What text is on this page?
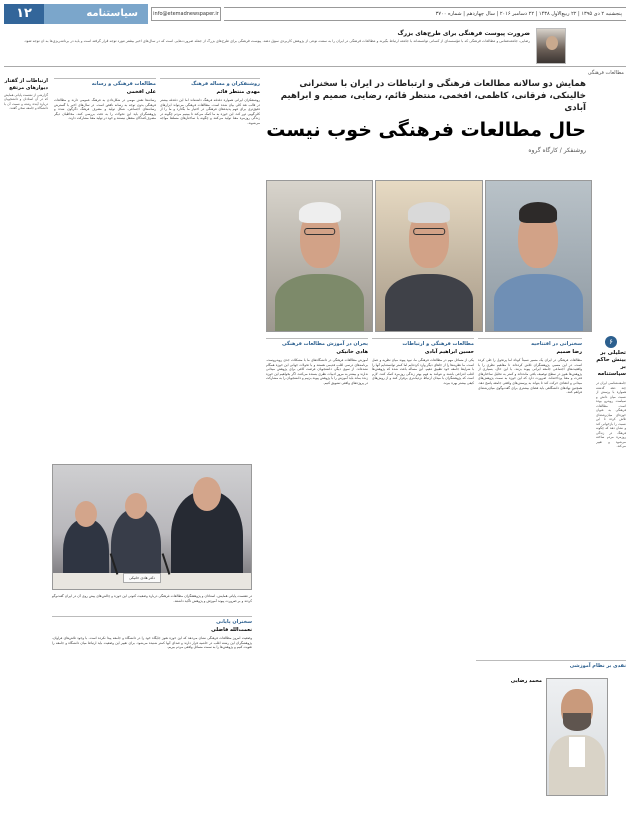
پنجشنبه ۲ دی ۱۳۹۵ | ۲۲ ربیع‌الاول ۱۴۳۸ | ۲۲ دسامبر ۲۰۱۶ | سال چهاردهم | شماره ۳۷۰۰
info@etemadnewspaper.ir
سیاستنامه
۱۲
ضرورت پیوست فرهنگی برای طرح‌های بزرگ
رضایی، جامعه‌شناس و مطالعات فرهنگی که با مؤسسه‌ای از کسانی توانسته‌اند با جامعه ارتباط بگیرند و مطالعات فرهنگی در ایران را به سمت نوعی از پژوهش کاربردی سوق دهند. پیوست فرهنگی برای طرح‌های بزرگ از جمله ضرورت‌هایی است که در سال‌های اخیر بیشتر مورد توجه قرار گرفته است و باید در برنامه‌ریزی‌ها به آن توجه شود.
مطالعات فرهنگی
ارتباطات از گفتار دیوارهای مرتفع
گزارشی از نشست پایانی همایش که در آن استادان و دانشجویان درباره آینده رشته و نسبت آن با دانشگاه و جامعه سخن گفتند.
همایش دو سالانه مطالعات فرهنگی و ارتباطات در ایران با سخنرانی خالینکی، فرقانی، کاظمی، افخمی، منتظر قائم، رضایی، صمیم و ابراهیم آبادی
حال مطالعات فرهنگی خوب نیست
روشنفکر / کارگاه گروه
۶
تحلیلی بر بینش حاکم بر سیاستنامه
جامعه‌شناسی ایران در چند دهه گذشته همواره با پرسش از نسبت میان دانش و سیاست روبه‌رو بوده است. مطالعات فرهنگی به عنوان حوزه‌ای میان‌رشته‌ای تلاش کرده تا این نسبت را بازخوانی کند و نشان دهد که چگونه فرهنگ در زندگی روزمره مردم ساخته می‌شود و تغییر می‌کند.
سخنرانی در افتتاحیه
رضا صمیم
مطالعات فرهنگی در ایران یک مسیر نسبتاً کوتاه اما پرتحول را طی کرده است. در این مسیر، پژوهشگران تلاش کرده‌اند تا مفاهیم نظری را با واقعیت‌های اجتماعی جامعه ایرانی پیوند بزنند. با این حال، بسیاری از پژوهش‌ها هنوز در سطح توصیف باقی مانده‌اند و کمتر به تحلیل ساختارهای قدرت و معنا پرداخته‌اند. ضرورت دارد که این حوزه به سمت پژوهش‌های میدانی و انتقادی حرکت کند تا بتواند به پرسش‌های واقعی جامعه پاسخ دهد. همچنین نهادهای دانشگاهی باید فضای بیشتری برای گفت‌وگوی میان‌رشته‌ای فراهم کنند.
مطالعات فرهنگی و ارتباطات
حسین ابراهیم آبادی
یکی از مسائل مهم در مطالعات فرهنگی ما، نبود پیوند میان نظریه و عمل است. ما نظریه‌ها را از جاهای دیگر وارد کرده‌ایم اما کمتر توانسته‌ایم آنها را با شرایط جامعه خود تطبیق دهیم. این مساله باعث شده که پژوهش‌ها اغلب انتزاعی باشند و نتوانند به فهم بهتر زندگی روزمره کمک کنند. لازم است که پژوهشگران با میدان ارتباط نزدیک‌تری برقرار کنند و از روش‌های کیفی بیشتر بهره ببرند.
بحران در آموزش مطالعات فرهنگی
هادی خانیکی
آموزش مطالعات فرهنگی در دانشگاه‌های ما با مشکلات جدی روبه‌روست. برنامه‌های درسی اغلب قدیمی هستند و با تحولات جهانی این حوزه همگام نشده‌اند. از سوی دیگر، دانشجویان فرصت کافی برای پژوهش میدانی ندارند و بیشتر به مرور ادبیات نظری بسنده می‌کنند. اگر بخواهیم این حوزه زنده بماند باید آموزش را با پژوهش پیوند بزنیم و دانشجویان را به مشارکت در پروژه‌های واقعی تشویق کنیم.
روشنفکران و مساله فرهنگ
مهدی منتظر قائم
روشنفکران ایرانی همواره دغدغه فرهنگ داشته‌اند اما این دغدغه بیشتر در قالب نقد کلی بیان شده است. مطالعات فرهنگی می‌تواند ابزارهای دقیق‌تری برای فهم پدیده‌های فرهنگی در اختیار ما بگذارد و ما را از کلی‌گویی دور کند. این حوزه به ما کمک می‌کند تا ببینیم مردم چگونه در زندگی روزمره معنا تولید می‌کنند و چگونه با ساختارهای مسلط مواجه می‌شوند.
مطالعات فرهنگی و رسانه
علی افخمی
رسانه‌ها نقش مهمی در شکل‌دادن به فرهنگ عمومی دارند و مطالعات فرهنگی بدون توجه به رسانه ناقص است. در سال‌های اخیر با گسترش رسانه‌های اجتماعی، شکل تولید و مصرف فرهنگ دگرگون شده و پژوهشگران باید این تحولات را به دقت بررسی کنند. مخاطبان دیگر مصرف‌کنندگان منفعل نیستند و خود در تولید معنا مشارکت دارند.
سخنران پایانی
نعمت‌الله فاضلی
وضعیت امروز مطالعات فرهنگی نشان می‌دهد که این حوزه هنوز جایگاه خود را در دانشگاه و جامعه پیدا نکرده است. با وجود تلاش‌های فراوان، پژوهشگران این رشته اغلب در حاشیه قرار دارند و صدای آنها کمتر شنیده می‌شود. برای تغییر این وضعیت باید ارتباط میان دانشگاه و جامعه را تقویت کنیم و پژوهش‌ها را به سمت مسائل واقعی مردم ببریم.
دکتر هادی خانیکی
در نشست پایانی همایش، استادان و پژوهشگران مطالعات فرهنگی درباره وضعیت کنونی این حوزه و چالش‌های پیش روی آن در ایران گفت‌وگو کردند و بر ضرورت پیوند آموزش و پژوهش تأکید داشتند.
نقدی بر نظام آموزشی
محمد رضایی
